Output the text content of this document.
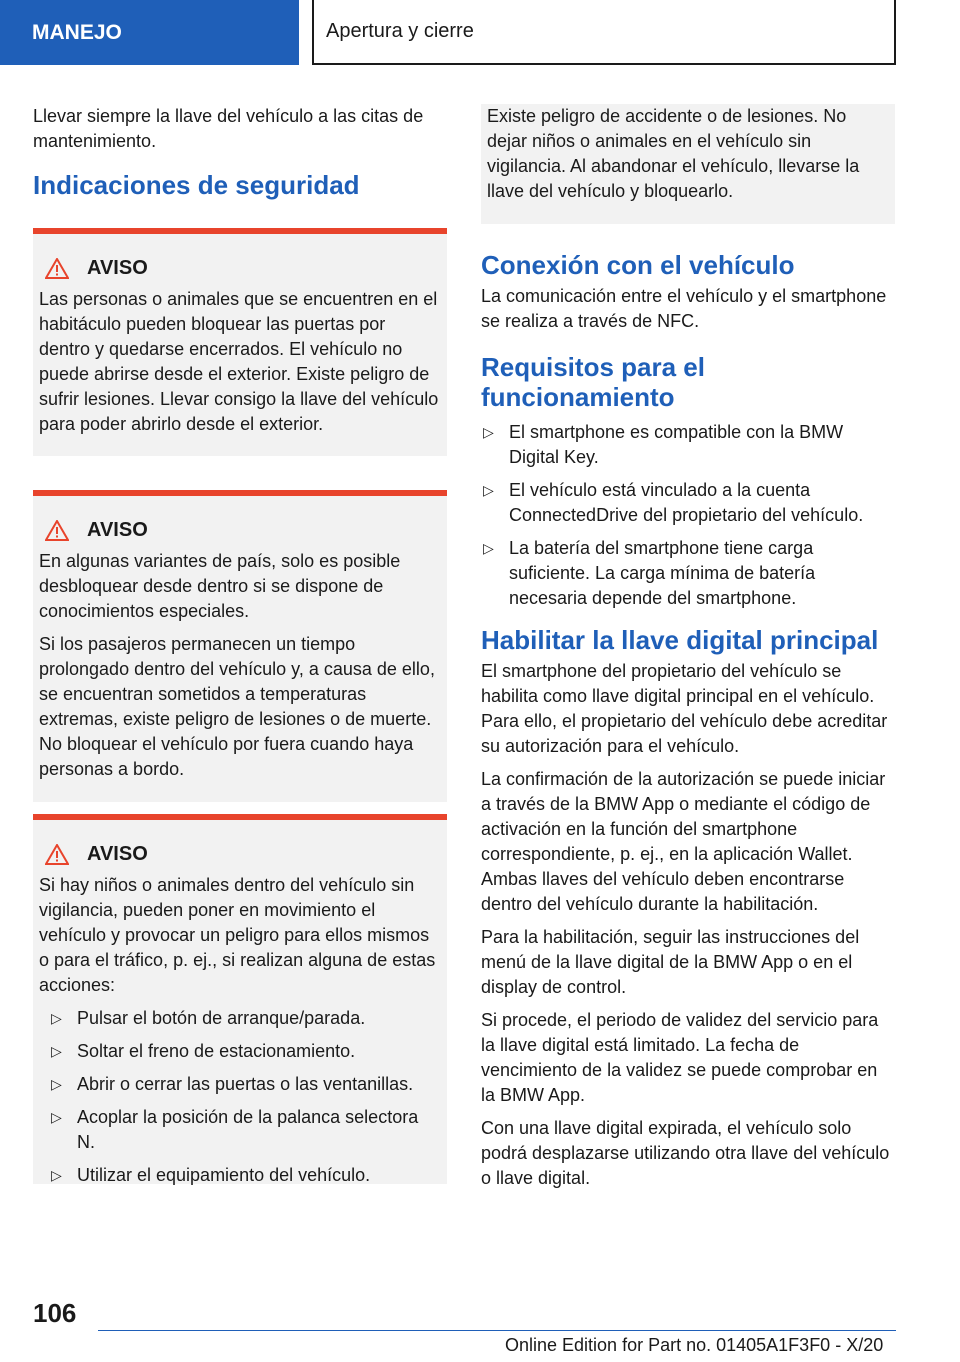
MANEJO	Apertura y cierre

Llevar siempre la llave del vehículo a las citas de mantenimiento.

Indicaciones de seguridad
AVISO

Las personas o animales que se encuentren en el habitáculo pueden bloquear las puertas por dentro y quedarse encerrados. El vehículo no puede abrirse desde el exterior. Existe peligro de sufrir lesiones. Llevar consigo la llave del vehículo para poder abrirlo desde el exterior.

AVISO

En algunas variantes de país, solo es posible desbloquear desde dentro si se dispone de conocimientos especiales.

Si los pasajeros permanecen un tiempo prolongado dentro del vehículo y, a causa de ello, se encuentran sometidos a temperaturas extremas, existe peligro de lesiones o de muerte. No bloquear el vehículo por fuera cuando haya personas a bordo.

AVISO

Si hay niños o animales dentro del vehículo sin vigilancia, pueden poner en movimiento el vehículo y provocar un peligro para ellos mismos o para el tráfico, p. ej., si realizan alguna de estas acciones:

▷ Pulsar el botón de arranque/parada.
▷ Soltar el freno de estacionamiento.
▷ Abrir o cerrar las puertas o las ventanillas.
▷ Acoplar la posición de la palanca selectora N.
▷ Utilizar el equipamiento del vehículo.

Existe peligro de accidente o de lesiones. No dejar niños o animales en el vehículo sin vigilancia. Al abandonar el vehículo, llevarse la llave del vehículo y bloquearlo.

Conexión con el vehículo

La comunicación entre el vehículo y el smartphone se realiza a través de NFC.

Requisitos para el funcionamiento
▷ El smartphone es compatible con la BMW Digital Key.
▷ El vehículo está vinculado a la cuenta ConnectedDrive del propietario del vehículo.
▷ La batería del smartphone tiene carga suficiente. La carga mínima de batería necesaria depende del smartphone.
Habilitar la llave digital principal

El smartphone del propietario del vehículo se habilita como llave digital principal en el vehículo. Para ello, el propietario del vehículo debe acreditar su autorización para el vehículo.

La confirmación de la autorización se puede iniciar a través de la BMW App o mediante el código de activación en la función del smartphone correspondiente, p. ej., en la aplicación Wallet. Ambas llaves del vehículo deben encontrarse dentro del vehículo durante la habilitación.

Para la habilitación, seguir las instrucciones del menú de la llave digital de la BMW App o en el display de control.

Si procede, el periodo de validez del servicio para la llave digital está limitado. La fecha de vencimiento de la validez se puede comprobar en la BMW App.

Con una llave digital expirada, el vehículo solo podrá desplazarse utilizando otra llave del vehículo o llave digital.

106
Online Edition for Part no. 01405A1F3F0 - X/20
